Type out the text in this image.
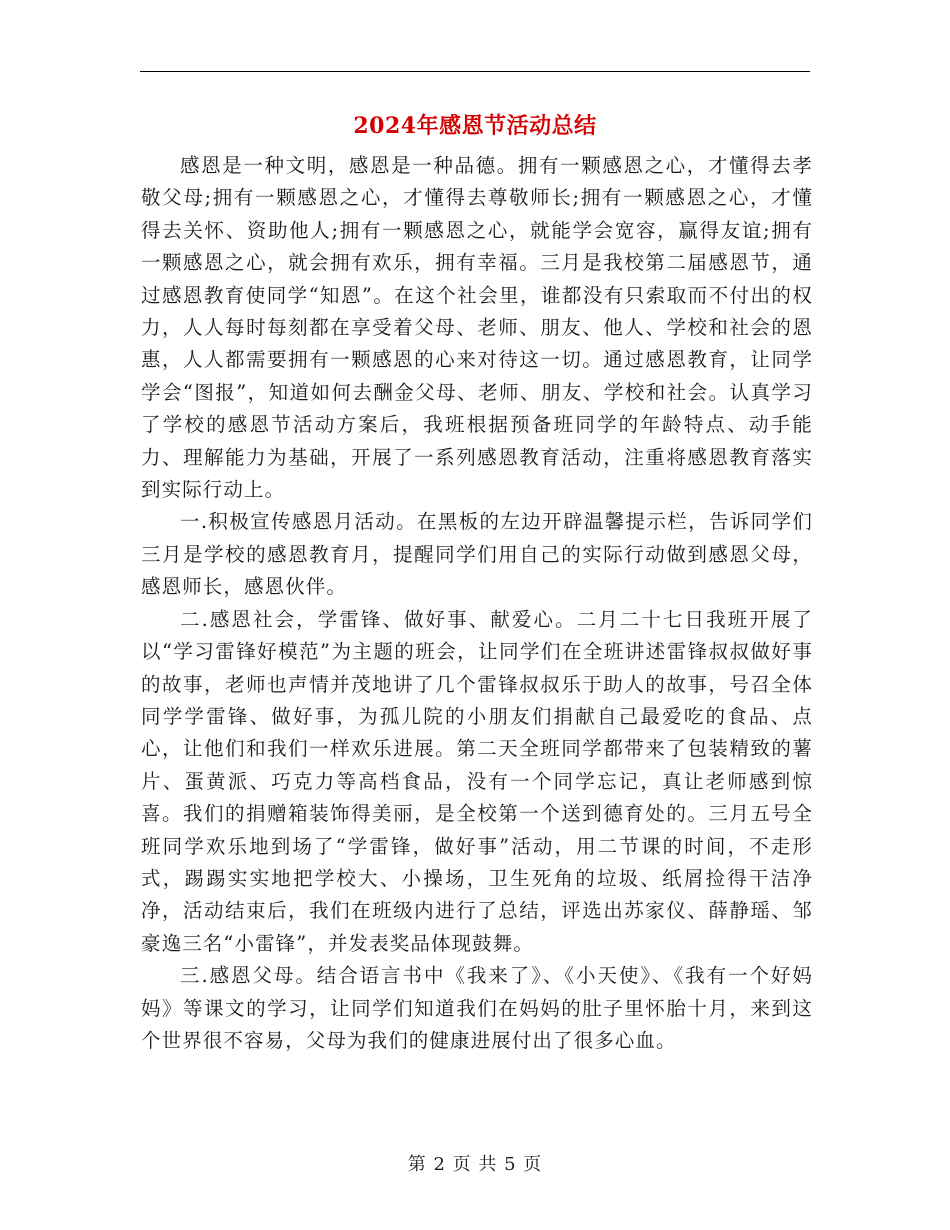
2024年感恩节活动总结

感恩是一种文明，感恩是一种品德。拥有一颗感恩之心，才懂得去孝敬父母;拥有一颗感恩之心，才懂得去尊敬师长;拥有一颗感恩之心，才懂得去关怀、资助他人;拥有一颗感恩之心，就能学会宽容，赢得友谊;拥有一颗感恩之心，就会拥有欢乐，拥有幸福。三月是我校第二届感恩节，通过感恩教育使同学“知恩”。在这个社会里，谁都没有只索取而不付出的权力，人人每时每刻都在享受着父母、老师、朋友、他人、学校和社会的恩惠，人人都需要拥有一颗感恩的心来对待这一切。通过感恩教育，让同学学会“图报”，知道如何去酬金父母、老师、朋友、学校和社会。认真学习了学校的感恩节活动方案后，我班根据预备班同学的年龄特点、动手能力、理解能力为基础，开展了一系列感恩教育活动，注重将感恩教育落实到实际行动上。

一.积极宣传感恩月活动。在黑板的左边开辟温馨提示栏，告诉同学们三月是学校的感恩教育月，提醒同学们用自己的实际行动做到感恩父母，感恩师长，感恩伙伴。

二.感恩社会，学雷锋、做好事、献爱心。二月二十七日我班开展了以“学习雷锋好模范”为主题的班会，让同学们在全班讲述雷锋叔叔做好事的故事，老师也声情并茂地讲了几个雷锋叔叔乐于助人的故事，号召全体同学学雷锋、做好事，为孤儿院的小朋友们捐献自己最爱吃的食品、点心，让他们和我们一样欢乐进展。第二天全班同学都带来了包装精致的薯片、蛋黄派、巧克力等高档食品，没有一个同学忘记，真让老师感到惊喜。我们的捐赠箱装饰得美丽，是全校第一个送到德育处的。三月五号全班同学欢乐地到场了“学雷锋，做好事”活动，用二节课的时间，不走形式，踢踢实实地把学校大、小操场，卫生死角的垃圾、纸屑捡得干洁净净，活动结束后，我们在班级内进行了总结，评选出苏家仪、薛静瑶、邹豪逸三名“小雷锋”，并发表奖品体现鼓舞。

三.感恩父母。结合语言书中《我来了》、《小天使》、《我有一个好妈妈》等课文的学习，让同学们知道我们在妈妈的肚子里怀胎十月，来到这个世界很不容易，父母为我们的健康进展付出了很多心血。

第 2 页 共 5 页
